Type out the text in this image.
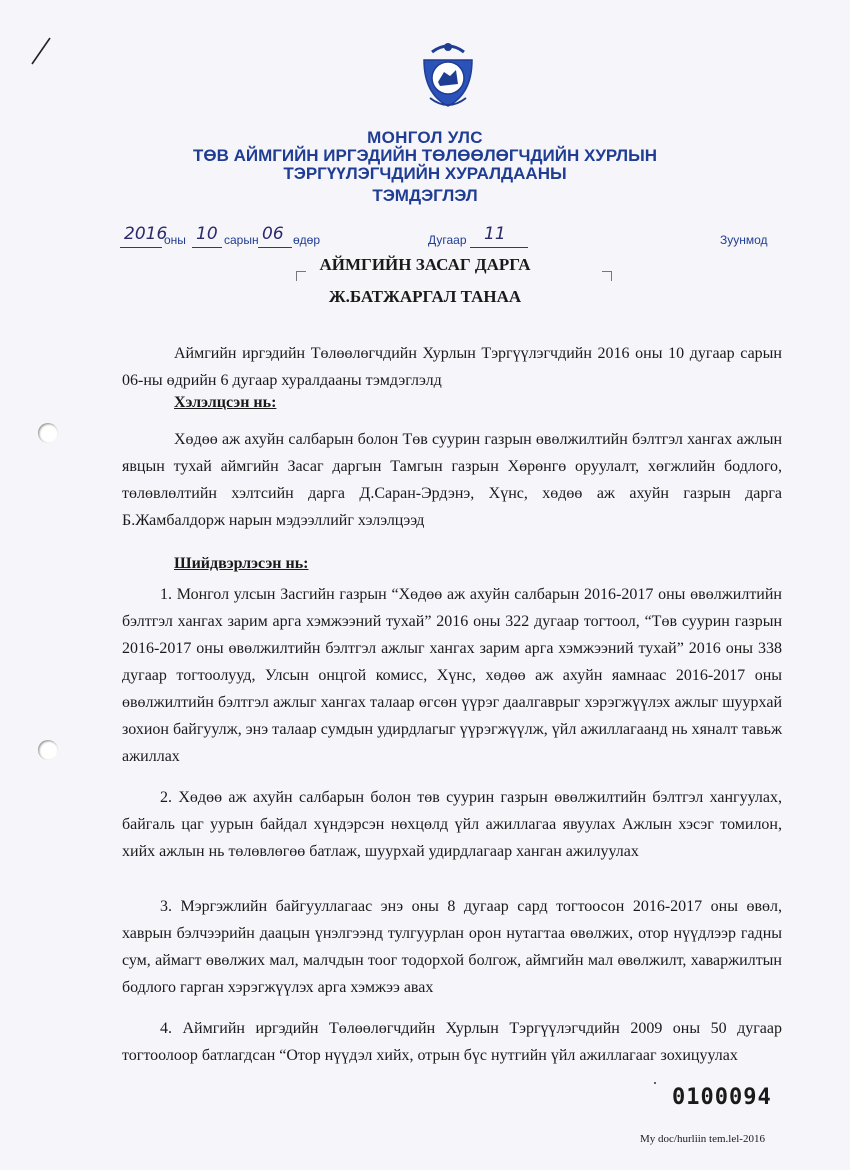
МОНГОЛ УЛС
ТӨВ АЙМГИЙН ИРГЭДИЙН ТӨЛӨӨЛӨГЧДИЙН ХУРЛЫН
ТЭРГҮҮЛЭГЧДИЙН ХУРАЛДААНЫ
ТЭМДЭГЛЭЛ
2016
оны 10 сарын 06 өдөр	Дугаар 11	Зуунмод
АЙМГИЙН ЗАСАГ ДАРГА
Ж.БАТЖАРГАЛ ТАНАА

Аймгийн иргэдийн Төлөөлөгчдийн Хурлын Тэргүүлэгчдийн 2016 оны 10 дугаар сарын 06-ны өдрийн 6 дугаар хуралдааны тэмдэглэлд

Хэлэлцсэн нь:

Хөдөө аж ахуйн салбарын болон Төв суурин газрын өвөлжилтийн бэлтгэл хангах ажлын явцын тухай аймгийн Засаг даргын Тамгын газрын Хөрөнгө оруулалт, хөгжлийн бодлого, төлөвлөлтийн хэлтсийн дарга Д.Саран-Эрдэнэ, Хүнс, хөдөө аж ахуйн газрын дарга Б.Жамбалдорж нарын мэдээллийг хэлэлцээд

Шийдвэрлэсэн нь:

1. Монгол улсын Засгийн газрын “Хөдөө аж ахуйн салбарын 2016-2017 оны өвөлжилтийн бэлтгэл хангах зарим арга хэмжээний тухай” 2016 оны 322 дугаар тогтоол, “Төв суурин газрын 2016-2017 оны өвөлжилтийн бэлтгэл ажлыг хангах зарим арга хэмжээний тухай” 2016 оны 338 дугаар тогтоолууд, Улсын онцгой комисс, Хүнс, хөдөө аж ахуйн яамнаас 2016-2017 оны өвөлжилтийн бэлтгэл ажлыг хангах талаар өгсөн үүрэг даалгаврыг хэрэгжүүлэх ажлыг шуурхай зохион байгуулж, энэ талаар сумдын удирдлагыг үүрэгжүүлж, үйл ажиллагаанд нь хяналт тавьж ажиллах

2. Хөдөө аж ахуйн салбарын болон төв суурин газрын өвөлжилтийн бэлтгэл хангуулах, байгаль цаг уурын байдал хүндэрсэн нөхцөлд үйл ажиллагаа явуулах Ажлын хэсэг томилон, хийх ажлын нь төлөвлөгөө батлаж, шуурхай удирдлагаар ханган ажилуулах

3. Мэргэжлийн байгууллагаас энэ оны 8 дугаар сард тогтоосон 2016-2017 оны өвөл, хаврын бэлчээрийн даацын үнэлгээнд тулгуурлан орон нутагтаа өвөлжих, отор нүүдлээр гадны сум, аймагт өвөлжих мал, малчдын тоог тодорхой болгож, аймгийн мал өвөлжилт, хаваржилтын бодлого гарган хэрэгжүүлэх арга хэмжээ авах

4. Аймгийн иргэдийн Төлөөлөгчдийн Хурлын Тэргүүлэгчдийн 2009 оны 50 дугаар тогтоолоор батлагдсан “Отор нүүдэл хийх, отрын бүс нутгийн үйл ажиллагааг зохицуулах

0100094
My doc/hurliin tem.lel-2016
